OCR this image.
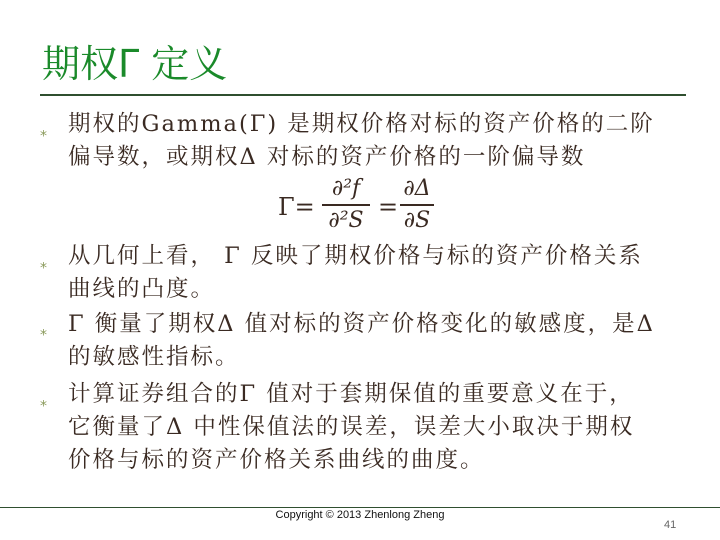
期权Γ 定义
⁎ 期权的Gamma(Γ) 是期权价格对标的资产价格的二阶
偏导数，或期权Δ 对标的资产价格的一阶偏导数
Γ=
∂²f
∂²S =
∂Δ
∂S
⁎ 从几何上看， Γ 反映了期权价格与标的资产价格关系
曲线的凸度。
⁎ Γ 衡量了期权Δ 值对标的资产价格变化的敏感度，是Δ
的敏感性指标。
⁎ 计算证券组合的Γ 值对于套期保值的重要意义在于，
它衡量了Δ 中性保值法的误差，误差大小取决于期权
价格与标的资产价格关系曲线的曲度。
Copyright © 2013 Zhenlong Zheng
41
